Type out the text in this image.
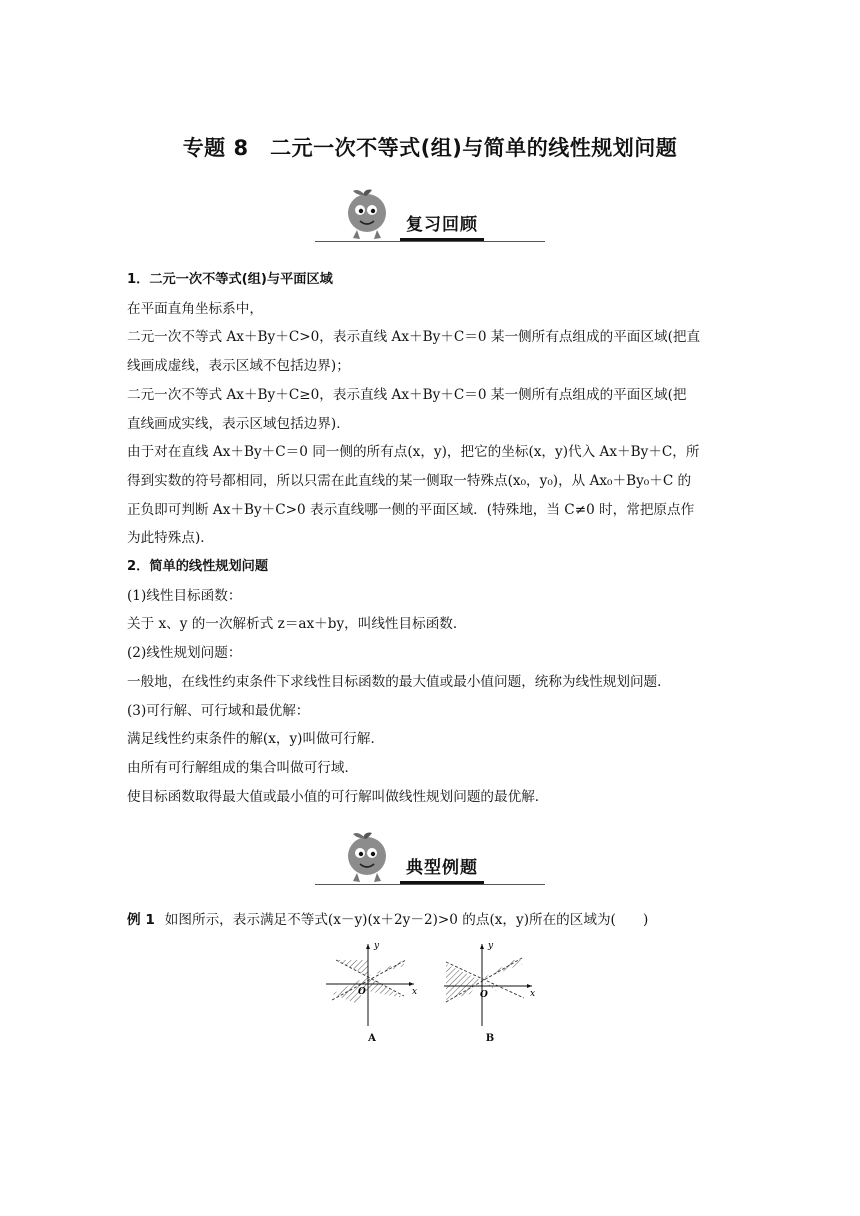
专题 8　二元一次不等式(组)与简单的线性规划问题
复习回顾

1．二元一次不等式(组)与平面区域

在平面直角坐标系中，

二元一次不等式 Ax＋By＋C>0，表示直线 Ax＋By＋C＝0 某一侧所有点组成的平面区域(把直

线画成虚线，表示区域不包括边界)；

二元一次不等式 Ax＋By＋C≥0，表示直线 Ax＋By＋C＝0 某一侧所有点组成的平面区域(把

直线画成实线，表示区域包括边界)．

由于对在直线 Ax＋By＋C＝0 同一侧的所有点(x，y)，把它的坐标(x，y)代入 Ax＋By＋C，所

得到实数的符号都相同，所以只需在此直线的某一侧取一特殊点(x₀，y₀)，从 Ax₀＋By₀＋C 的

正负即可判断 Ax＋By＋C>0 表示直线哪一侧的平面区域．(特殊地，当 C≠0 时，常把原点作

为此特殊点)．

2．简单的线性规划问题

(1)线性目标函数：

关于 x、y 的一次解析式 z＝ax＋by，叫线性目标函数．

(2)线性规划问题：

一般地，在线性约束条件下求线性目标函数的最大值或最小值问题，统称为线性规划问题．

(3)可行解、可行域和最优解：

满足线性约束条件的解(x，y)叫做可行解．

由所有可行解组成的集合叫做可行域．

使目标函数取得最大值或最小值的可行解叫做线性规划问题的最优解．

典型例题
例 1 如图所示，表示满足不等式(x－y)(x＋2y－2)>0 的点(x，y)所在的区域为(　　)
y
x
O
A
y
x
O
B
